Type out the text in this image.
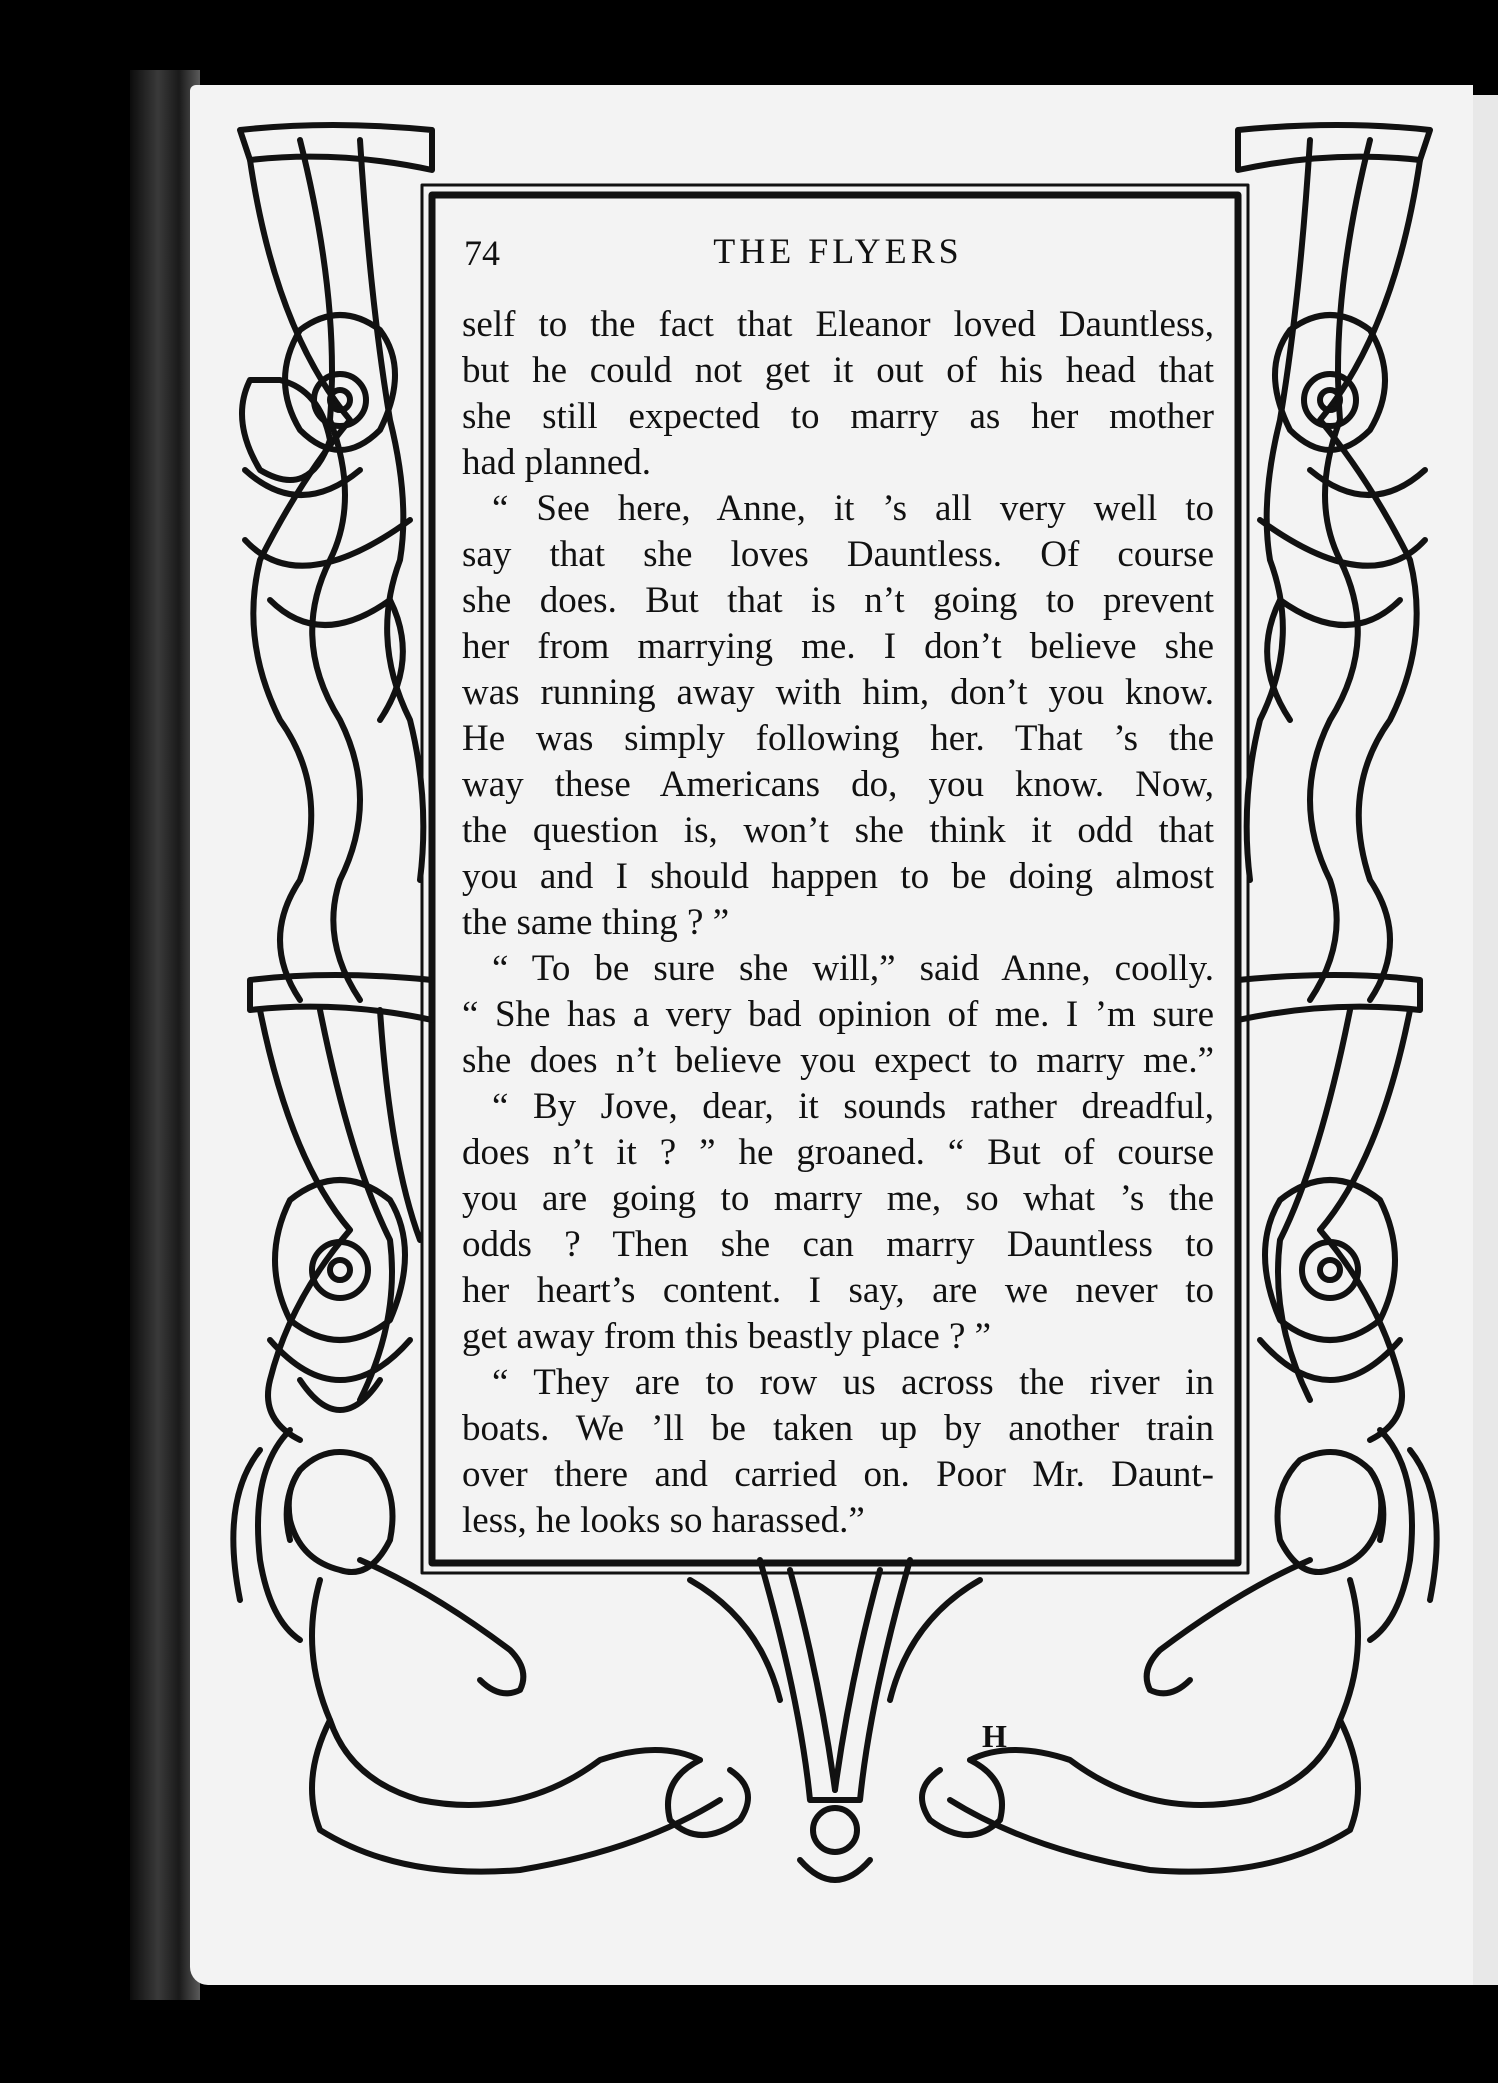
74	THE FLYERS
self to the fact that Eleanor loved Dauntless,
but he could not get it out of his head that
she still expected to marry as her mother
had planned.
“ See here, Anne, it ’s all very well to
say that she loves Dauntless. Of course
she does. But that is n’t going to prevent
her from marrying me. I don’t believe she
was running away with him, don’t you know.
He was simply following her. That ’s the
way these Americans do, you know. Now,
the question is, won’t she think it odd that
you and I should happen to be doing almost
the same thing ? ”
“ To be sure she will,” said Anne, coolly.
“ She has a very bad opinion of me. I ’m sure
she does n’t believe you expect to marry me.”
“ By Jove, dear, it sounds rather dreadful,
does n’t it ? ” he groaned. “ But of course
you are going to marry me, so what ’s the
odds ? Then she can marry Dauntless to
her heart’s content. I say, are we never to
get away from this beastly place ? ”
“ They are to row us across the river in
boats. We ’ll be taken up by another train
over there and carried on. Poor Mr. Daunt-
less, he looks so harassed.”
H
